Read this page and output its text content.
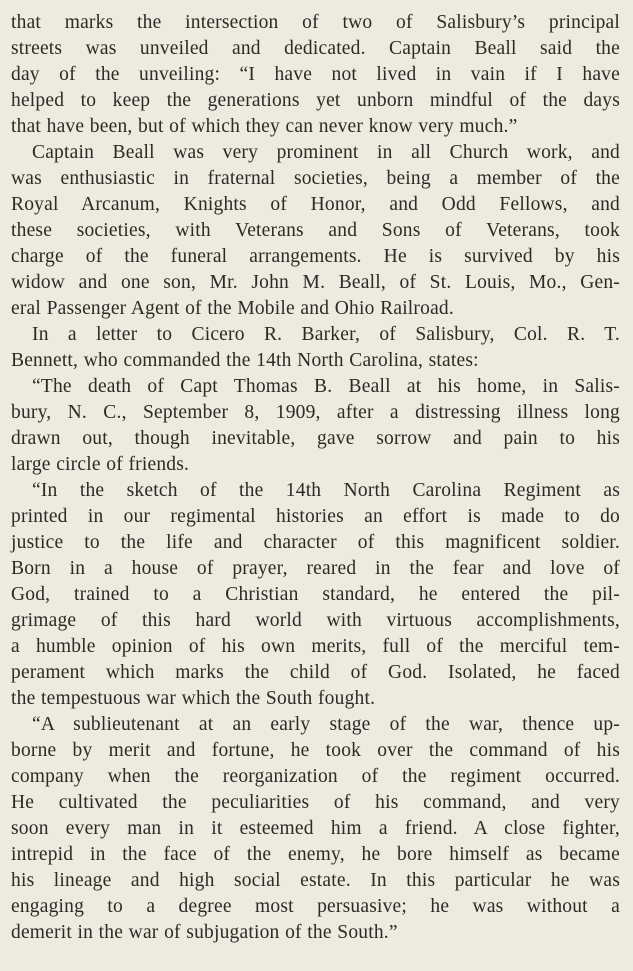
that marks the intersection of two of Salisbury’s principal
streets was unveiled and dedicated. Captain Beall said the
day of the unveiling: “I have not lived in vain if I have
helped to keep the generations yet unborn mindful of the days
that have been, but of which they can never know very much.”
Captain Beall was very prominent in all Church work, and
was enthusiastic in fraternal societies, being a member of the
Royal Arcanum, Knights of Honor, and Odd Fellows, and
these societies, with Veterans and Sons of Veterans, took
charge of the funeral arrangements. He is survived by his
widow and one son, Mr. John M. Beall, of St. Louis, Mo., Gen-
eral Passenger Agent of the Mobile and Ohio Railroad.
In a letter to Cicero R. Barker, of Salisbury, Col. R. T.
Bennett, who commanded the 14th North Carolina, states:
“The death of Capt Thomas B. Beall at his home, in Salis-
bury, N. C., September 8, 1909, after a distressing illness long
drawn out, though inevitable, gave sorrow and pain to his
large circle of friends.
“In the sketch of the 14th North Carolina Regiment as
printed in our regimental histories an effort is made to do
justice to the life and character of this magnificent soldier.
Born in a house of prayer, reared in the fear and love of
God, trained to a Christian standard, he entered the pil-
grimage of this hard world with virtuous accomplishments,
a humble opinion of his own merits, full of the merciful tem-
perament which marks the child of God. Isolated, he faced
the tempestuous war which the South fought.
“A sublieutenant at an early stage of the war, thence up-
borne by merit and fortune, he took over the command of his
company when the reorganization of the regiment occurred.
He cultivated the peculiarities of his command, and very
soon every man in it esteemed him a friend. A close fighter,
intrepid in the face of the enemy, he bore himself as became
his lineage and high social estate. In this particular he was
engaging to a degree most persuasive; he was without a
demerit in the war of subjugation of the South.”
